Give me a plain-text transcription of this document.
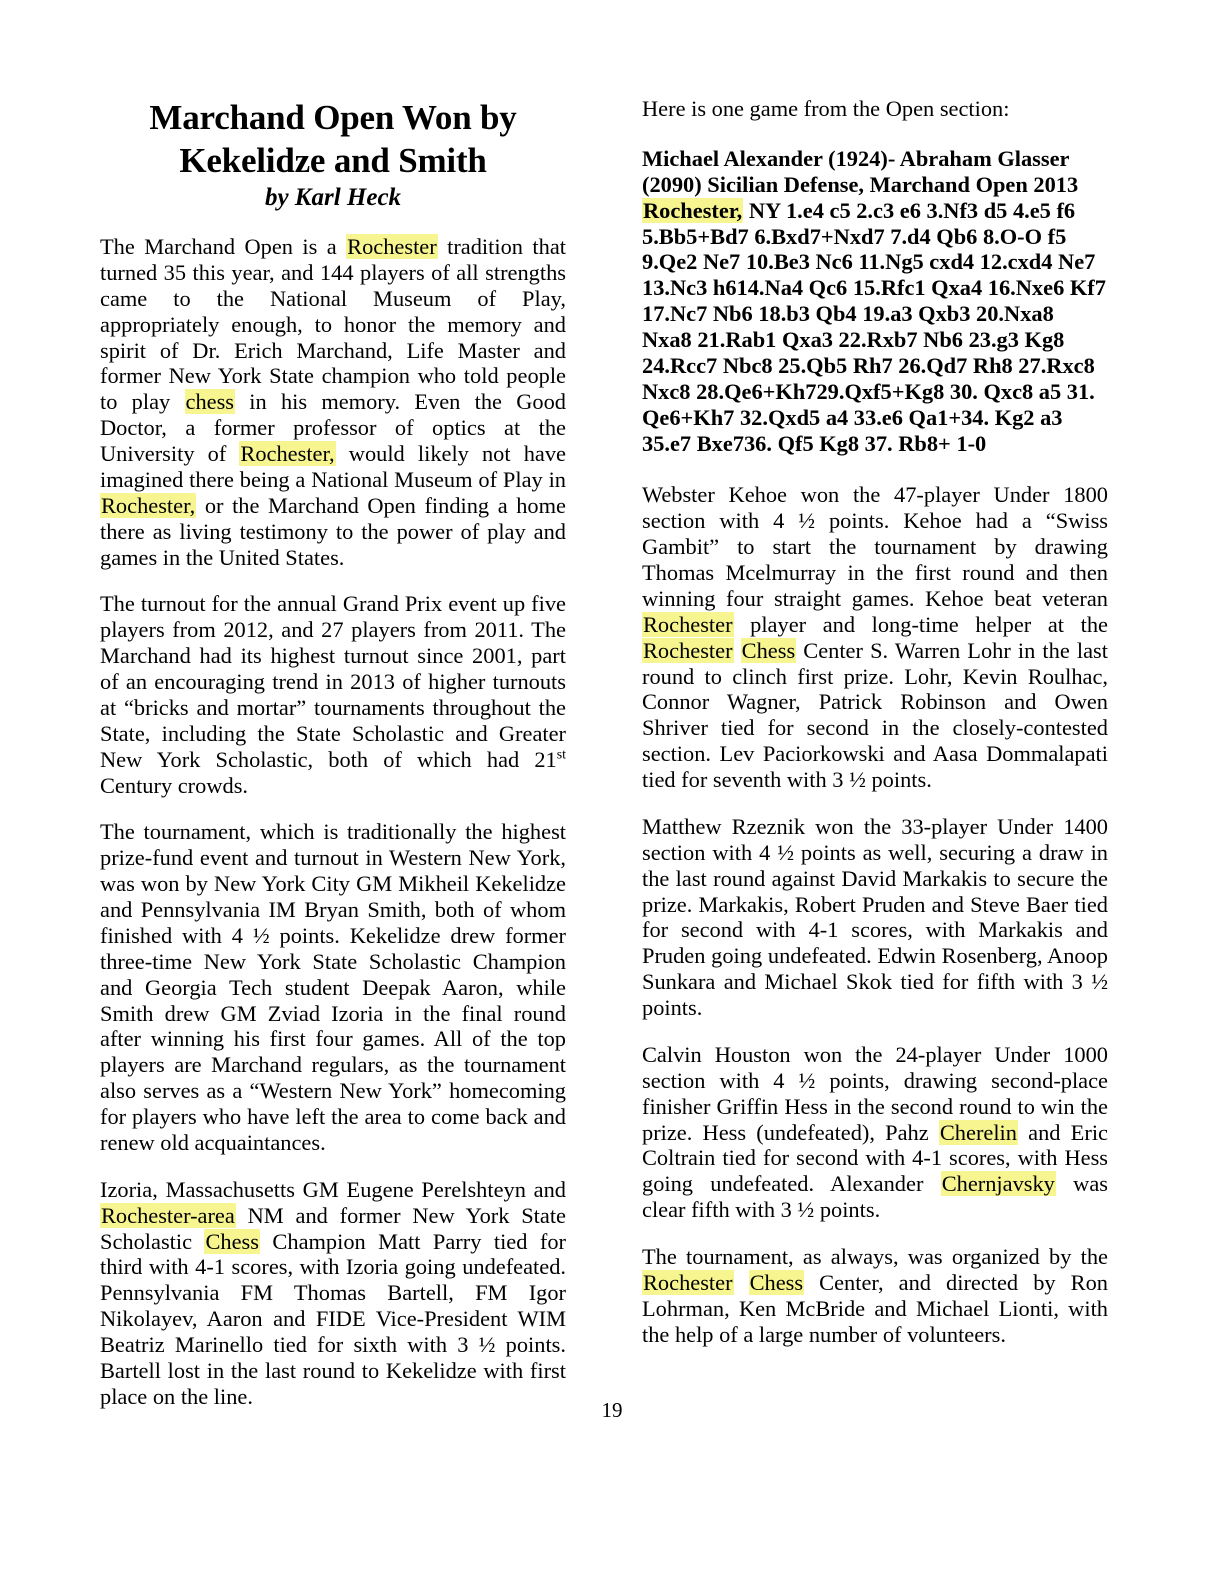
Marchand Open Won by
Kekelidze and Smith
by Karl Heck

The Marchand Open is a Rochester tradition that turned 35 this year, and 144 players of all strengths came to the National Museum of Play, appropriately enough, to honor the memory and spirit of Dr. Erich Marchand, Life Master and former New York State champion who told people to play chess in his memory. Even the Good Doctor, a former professor of optics at the University of Rochester, would likely not have imagined there being a National Museum of Play in Rochester, or the Marchand Open finding a home there as living testimony to the power of play and games in the United States.

The turnout for the annual Grand Prix event up five players from 2012, and 27 players from 2011. The Marchand had its highest turnout since 2001, part of an encouraging trend in 2013 of higher turnouts at “bricks and mortar” tournaments throughout the State, including the State Scholastic and Greater New York Scholastic, both of which had 21st Century crowds.

The tournament, which is traditionally the highest prize-fund event and turnout in Western New York, was won by New York City GM Mikheil Kekelidze and Pennsylvania IM Bryan Smith, both of whom finished with 4 ½ points. Kekelidze drew former three-time New York State Scholastic Champion and Georgia Tech student Deepak Aaron, while Smith drew GM Zviad Izoria in the final round after winning his first four games. All of the top players are Marchand regulars, as the tournament also serves as a “Western New York” homecoming for players who have left the area to come back and renew old acquaintances.

Izoria, Massachusetts GM Eugene Perelshteyn and Rochester-area NM and former New York State Scholastic Chess Champion Matt Parry tied for third with 4-1 scores, with Izoria going undefeated. Pennsylvania FM Thomas Bartell, FM Igor Nikolayev, Aaron and FIDE Vice-President WIM Beatriz Marinello tied for sixth with 3 ½ points. Bartell lost in the last round to Kekelidze with first place on the line.

Here is one game from the Open section:

Michael Alexander (1924)- Abraham Glasser (2090) Sicilian Defense, Marchand Open 2013 Rochester, NY 1.e4 c5 2.c3 e6 3.Nf3 d5 4.e5 f6 5.Bb5+Bd7 6.Bxd7+Nxd7 7.d4 Qb6 8.O-O f5 9.Qe2 Ne7 10.Be3 Nc6 11.Ng5 cxd4 12.cxd4 Ne7 13.Nc3 h614.Na4 Qc6 15.Rfc1 Qxa4 16.Nxe6 Kf7 17.Nc7 Nb6 18.b3 Qb4 19.a3 Qxb3 20.Nxa8 Nxa8 21.Rab1 Qxa3 22.Rxb7 Nb6 23.g3 Kg8 24.Rcc7 Nbc8 25.Qb5 Rh7 26.Qd7 Rh8 27.Rxc8 Nxc8 28.Qe6+Kh729.Qxf5+Kg8 30. Qxc8 a5 31. Qe6+Kh7 32.Qxd5 a4 33.e6 Qa1+34. Kg2 a3 35.e7 Bxe736. Qf5 Kg8 37. Rb8+ 1-0

Webster Kehoe won the 47-player Under 1800 section with 4 ½ points. Kehoe had a “Swiss Gambit” to start the tournament by drawing Thomas Mcelmurray in the first round and then winning four straight games. Kehoe beat veteran Rochester player and long-time helper at the Rochester Chess Center S. Warren Lohr in the last round to clinch first prize. Lohr, Kevin Roulhac, Connor Wagner, Patrick Robinson and Owen Shriver tied for second in the closely-contested section. Lev Paciorkowski and Aasa Dommalapati tied for seventh with 3 ½ points.

Matthew Rzeznik won the 33-player Under 1400 section with 4 ½ points as well, securing a draw in the last round against David Markakis to secure the prize. Markakis, Robert Pruden and Steve Baer tied for second with 4-1 scores, with Markakis and Pruden going undefeated. Edwin Rosenberg, Anoop Sunkara and Michael Skok tied for fifth with 3 ½ points.

Calvin Houston won the 24-player Under 1000 section with 4 ½ points, drawing second-place finisher Griffin Hess in the second round to win the prize. Hess (undefeated), Pahz Cherelin and Eric Coltrain tied for second with 4-1 scores, with Hess going undefeated. Alexander Chernjavsky was clear fifth with 3 ½ points.

The tournament, as always, was organized by the Rochester Chess Center, and directed by Ron Lohrman, Ken McBride and Michael Lionti, with the help of a large number of volunteers.

19
